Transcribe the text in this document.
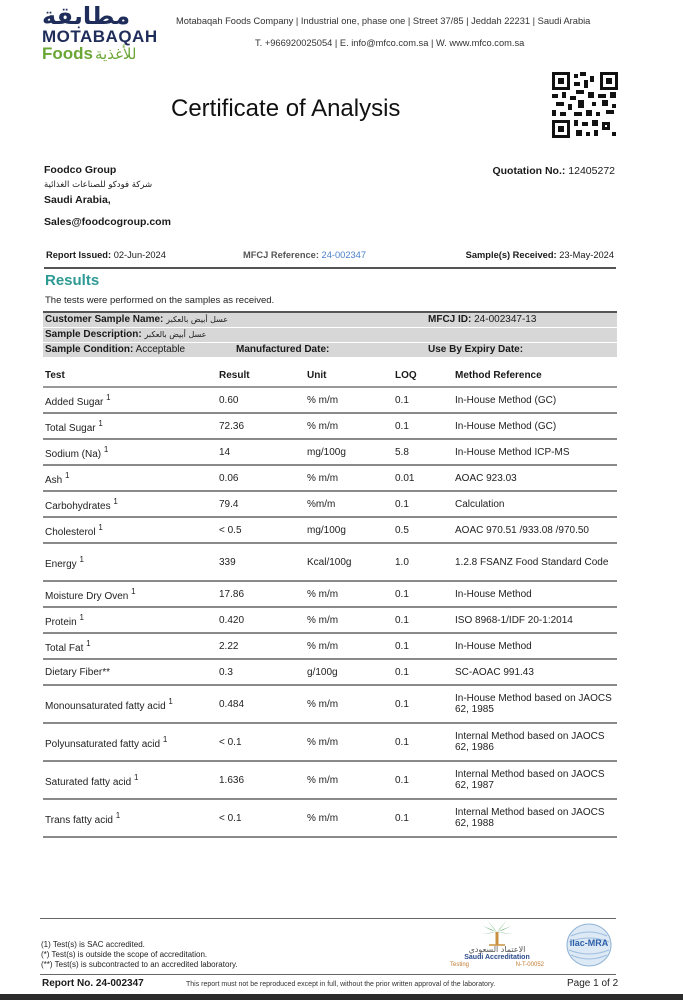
مطابقة
MOTABAQAH
Foods للأغذية
Motabaqah Foods Company | Industrial one, phase one | Street 37/85 | Jeddah 22231 | Saudi Arabia
T. +966920025054 | E. info@mfco.com.sa | W. www.mfco.com.sa
Certificate of Analysis
Foodco Group
شركة فودكو للصناعات الغذائية
Saudi Arabia,
Sales@foodcogroup.com
Quotation No.: 12405272
Report Issued: 02-Jun-2024	MFCJ Reference: 24-002347	Sample(s) Received: 23-May-2024
Results
The tests were performed on the samples as received.
Customer Sample Name: عسل أبيض بالعكبر	MFCJ ID: 24-002347-13
Sample Description: عسل أبيض بالعكبر
Sample Condition: Acceptable	Manufactured Date:	Use By Expiry Date:
Test	Result	Unit	LOQ	Method Reference
Added Sugar $^1$	0.60	% m/m	0.1	In-House Method (GC)
Total Sugar $^1$	72.36	% m/m	0.1	In-House Method (GC)
Sodium (Na) $^1$	14	mg/100g	5.8	In-House Method ICP-MS
Ash $^1$	0.06	% m/m	0.01	AOAC 923.03
Carbohydrates $^1$	79.4	%m/m	0.1	Calculation
Cholesterol $^1$	< 0.5	mg/100g	0.5	AOAC 970.51 /933.08 /970.50
Energy $^1$	339	Kcal/100g	1.0	1.2.8 FSANZ Food Standard Code
Moisture Dry Oven $^1$	17.86	% m/m	0.1	In-House Method
Protein $^1$	0.420	% m/m	0.1	ISO 8968-1/IDF 20-1:2014
Total Fat $^1$	2.22	% m/m	0.1	In-House Method
Dietary Fiber**	0.3	g/100g	0.1	SC-AOAC 991.43
Monounsaturated fatty acid $^1$	0.484	% m/m	0.1	In-House Method based on JAOCS 62, 1985
Polyunsaturated fatty acid $^1$	< 0.1	% m/m	0.1	Internal Method based on JAOCS 62, 1986
Saturated fatty acid $^1$	1.636	% m/m	0.1	Internal Method based on JAOCS 62, 1987
Trans fatty acid $^1$	< 0.1	% m/m	0.1	Internal Method based on JAOCS 62, 1988
(1) Test(s) is SAC accredited.
(*) Test(s) is outside the scope of accreditation.
(**) Test(s) is subcontracted to an accredited laboratory.
الاعتماد السعودي
Saudi Accreditation
Testing	N-T-00052
ilac-MRA
Report No. 24-002347	This report must not be reproduced except in full, without the prior written approval of the laboratory.	Page 1 of 2
